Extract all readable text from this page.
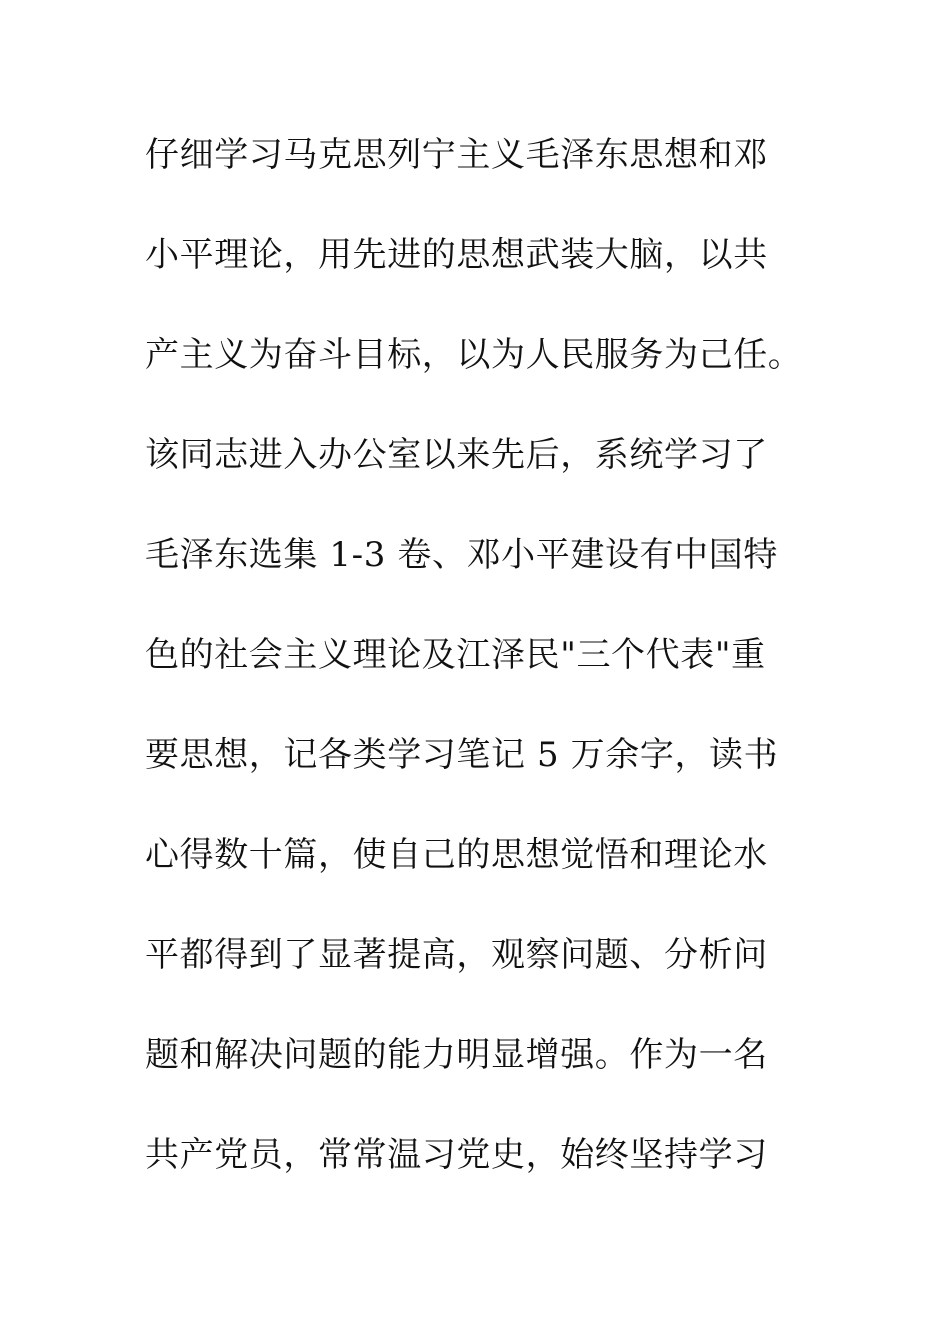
仔细学习马克思列宁主义毛泽东思想和邓
小平理论，用先进的思想武装大脑，以共
产主义为奋斗目标，以为人民服务为己任。
该同志进入办公室以来先后，系统学习了
毛泽东选集 1-3 卷、邓小平建设有中国特
色的社会主义理论及江泽民"三个代表"重
要思想，记各类学习笔记 5 万余字，读书
心得数十篇，使自己的思想觉悟和理论水
平都得到了显著提高，观察问题、分析问
题和解决问题的能力明显增强。作为一名
共产党员，常常温习党史，始终坚持学习
